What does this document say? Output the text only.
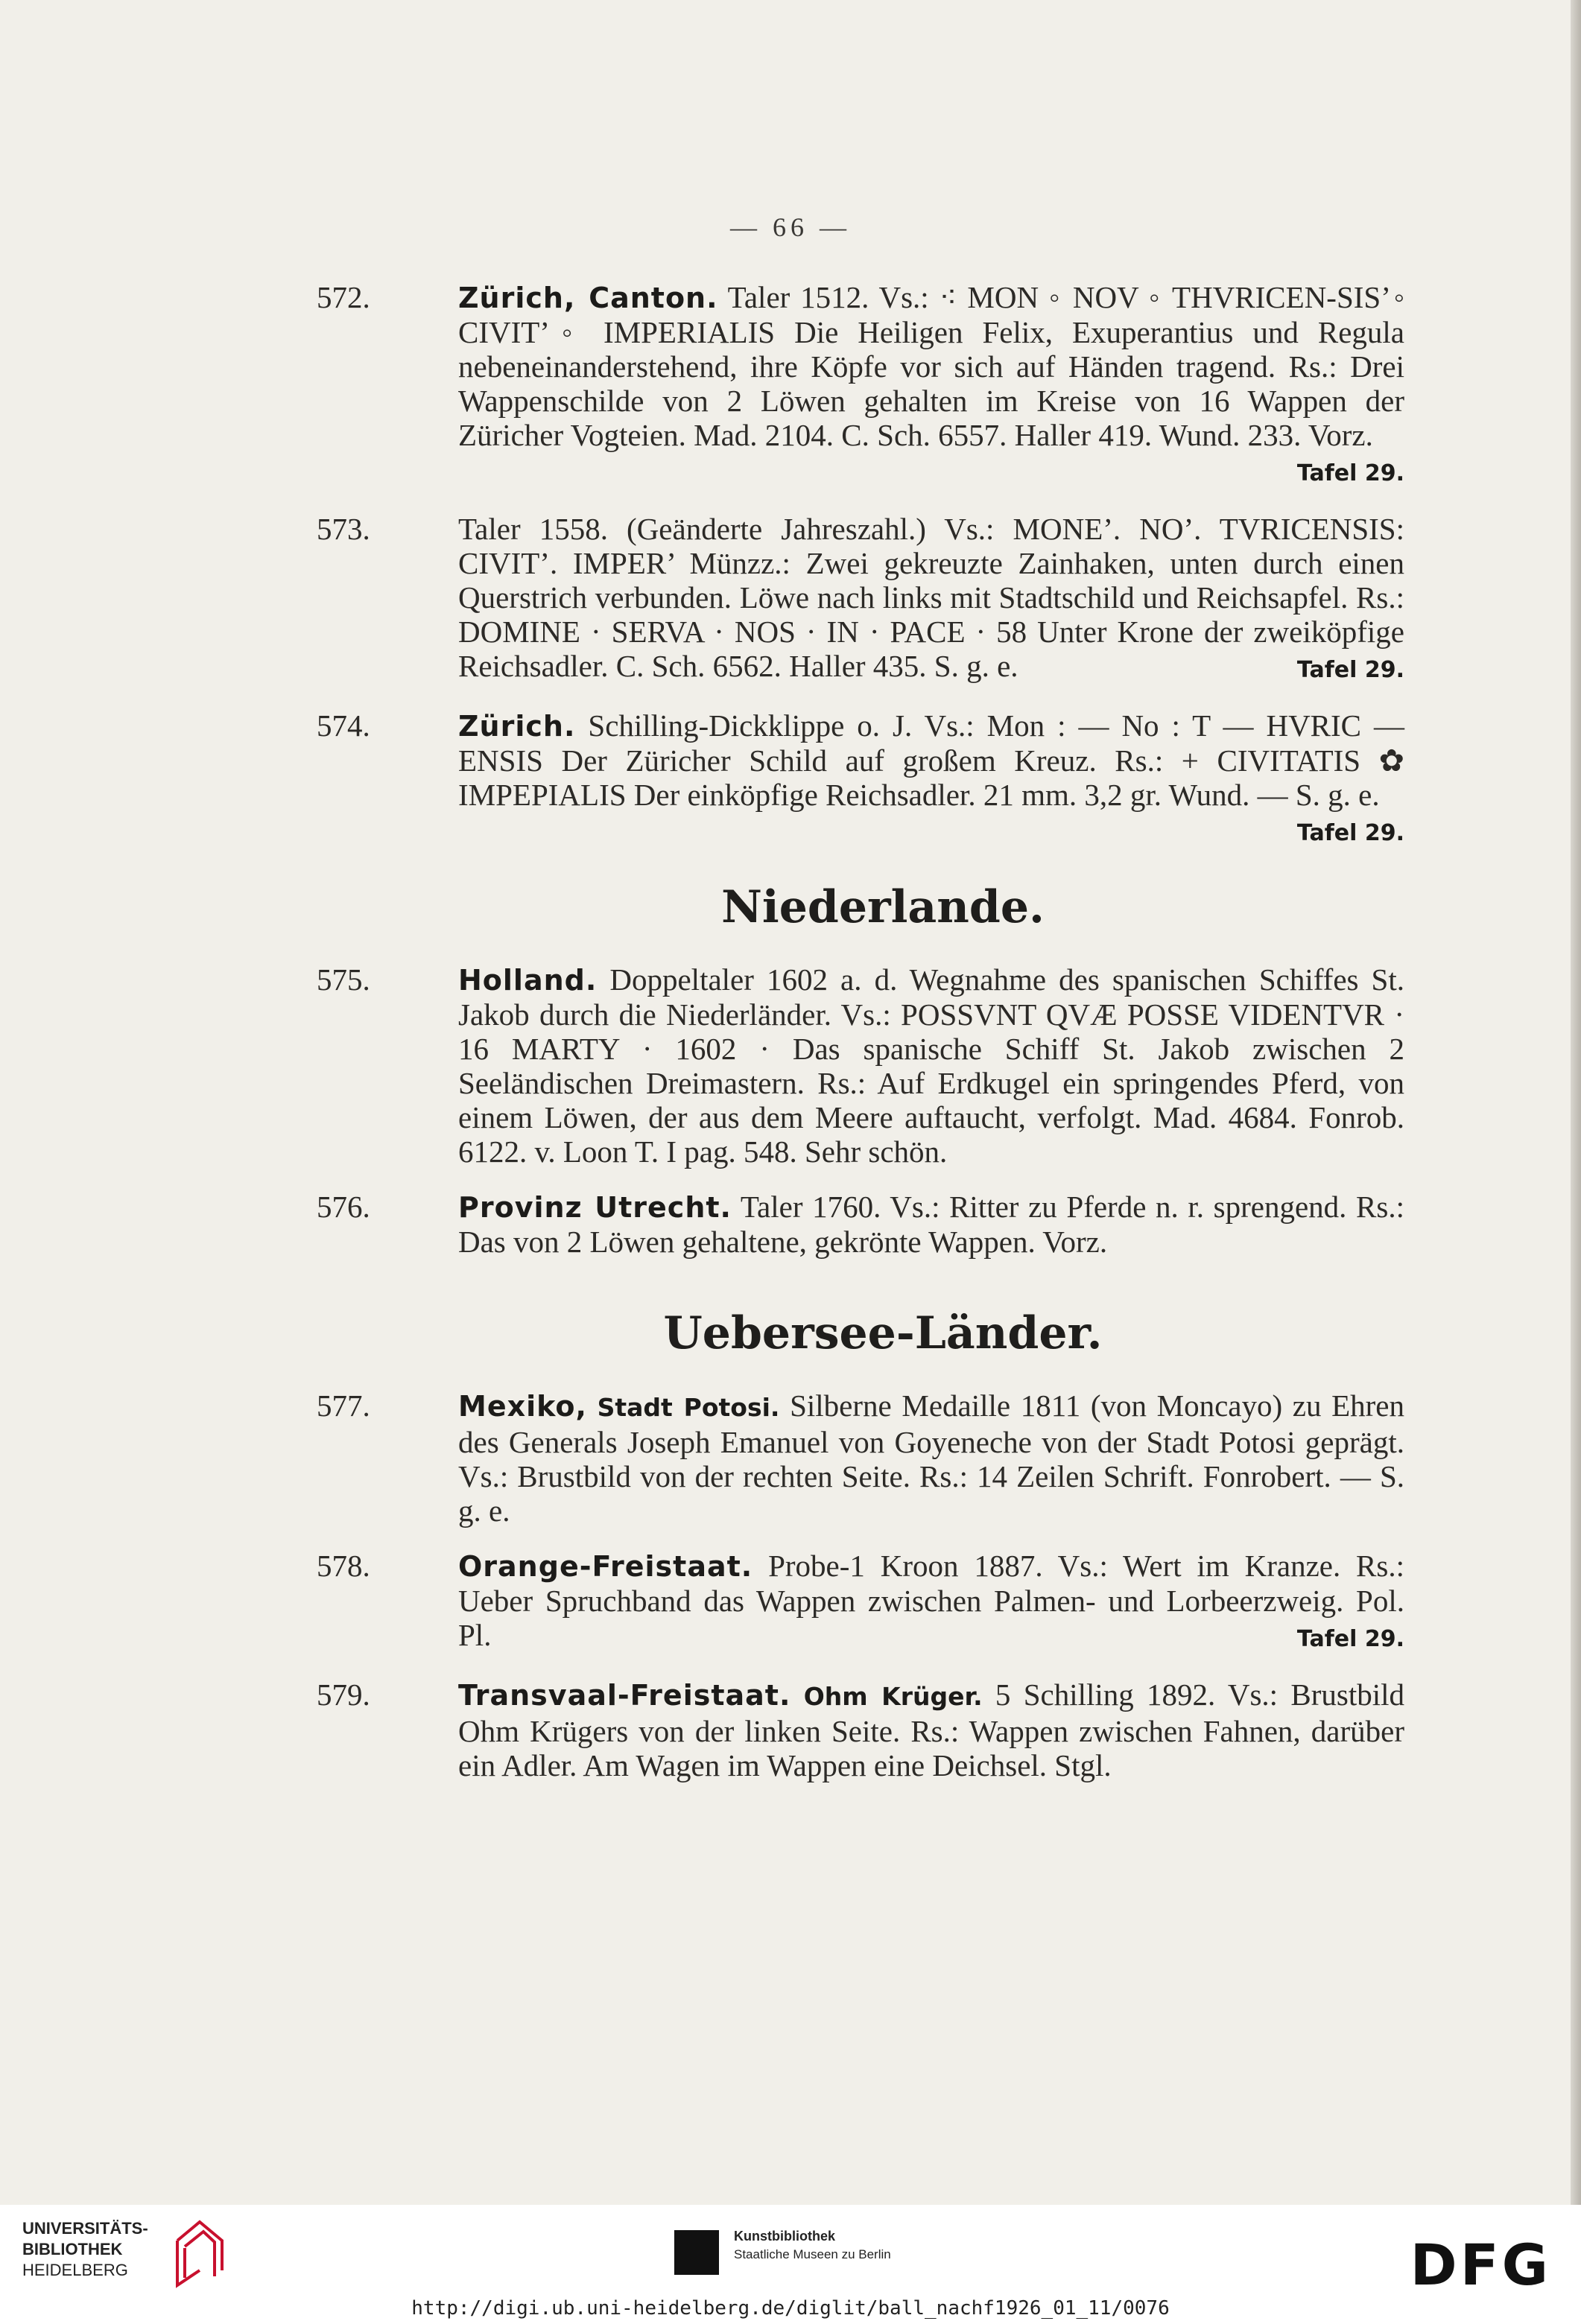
— 66 —
572.	Zürich, Canton. Taler 1512. Vs.: ⁖ MON ◦ NOV ◦ THVRICEN-SIS’◦ CIVIT’◦ IMPERIALIS Die Heiligen Felix, Exuperantius und Regula nebeneinanderstehend, ihre Köpfe vor sich auf Händen tragend. Rs.: Drei Wappenschilde von 2 Löwen gehalten im Kreise von 16 Wappen der Züricher Vogteien. Mad. 2104. C. Sch. 6557. Haller 419. Wund. 233. Vorz.
Tafel 29.
573.	Taler 1558. (Geänderte Jahreszahl.) Vs.: MONE’. NO’. TVRICENSIS: CIVIT’. IMPER’ Münzz.: Zwei gekreuzte Zainhaken, unten durch einen Querstrich verbunden. Löwe nach links mit Stadtschild und Reichsapfel. Rs.: DOMINE · SERVA · NOS · IN · PACE · 58 Unter Krone der zweiköpfige Reichsadler. C. Sch. 6562. Haller 435. S. g. e.	Tafel 29.
574.	Zürich. Schilling-Dickklippe o. J. Vs.: Mon : — No : T — HVRIC — ENSIS Der Züricher Schild auf großem Kreuz. Rs.: + CIVITATIS ✿ IMPEPIALIS Der einköpfige Reichsadler. 21 mm. 3,2 gr. Wund. — S. g. e.
Tafel 29.
Niederlande.
575.	Holland. Doppeltaler 1602 a. d. Wegnahme des spanischen Schiffes St. Jakob durch die Niederländer. Vs.: POSSVNT QVÆ POSSE VIDENTVR · 16 MARTY · 1602 · Das spanische Schiff St. Jakob zwischen 2 Seeländischen Dreimastern. Rs.: Auf Erdkugel ein springendes Pferd, von einem Löwen, der aus dem Meere auftaucht, verfolgt. Mad. 4684. Fonrob. 6122. v. Loon T. I pag. 548. Sehr schön.
576.	Provinz Utrecht. Taler 1760. Vs.: Ritter zu Pferde n. r. sprengend. Rs.: Das von 2 Löwen gehaltene, gekrönte Wappen. Vorz.
Uebersee-Länder.
577.	Mexiko, Stadt Potosi. Silberne Medaille 1811 (von Moncayo) zu Ehren des Generals Joseph Emanuel von Goyeneche von der Stadt Potosi geprägt. Vs.: Brustbild von der rechten Seite. Rs.: 14 Zeilen Schrift. Fonrobert. — S. g. e.
578.	Orange-Freistaat. Probe-1 Kroon 1887. Vs.: Wert im Kranze. Rs.: Ueber Spruchband das Wappen zwischen Palmen- und Lorbeerzweig. Pol. Pl.	Tafel 29.
579.	Transvaal-Freistaat. Ohm Krüger. 5 Schilling 1892. Vs.: Brustbild Ohm Krügers von der linken Seite. Rs.: Wappen zwischen Fahnen, darüber ein Adler. Am Wagen im Wappen eine Deichsel. Stgl.
UNIVERSITÄTS-
BIBLIOTHEK
HEIDELBERG
Kunstbibliothek
Staatliche Museen zu Berlin	DFG
http://digi.ub.uni-heidelberg.de/diglit/ball_nachf1926_01_11/0076
